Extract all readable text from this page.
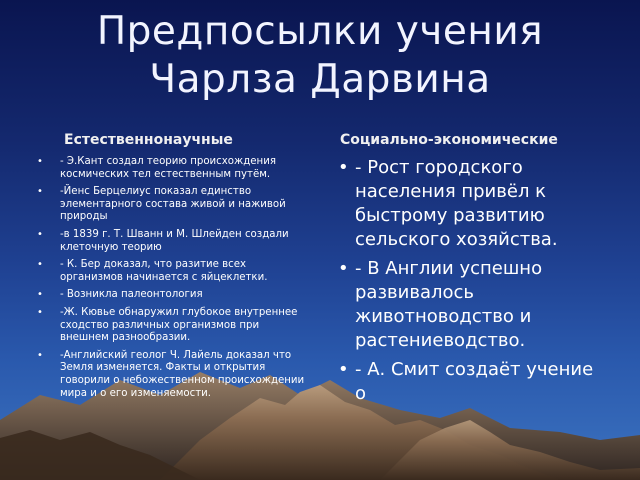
Предпосылки учения
Чарлза Дарвина
Естественнонаучные	Социально-экономические
• - Э.Кант создал теорию происхождения космических тел естественным путём.
• -Йенс Берцелиус показал единство элементарного состава живой и наживой природы
• -в 1839 г. Т. Шванн и М. Шлейден создали клеточную теорию
• - К. Бер доказал, что разитие всех организмов начинается с яйцеклетки.
• - Возникла палеонтология
• -Ж. Кювье обнаружил глубокое внутреннее сходство различных организмов при внешнем разнообразии.
• -Английский геолог Ч. Лайель доказал что Земля изменяется. Факты и открытия говорили о небожественном происхождении мира и о его изменяемости.
• - Рост городского населения привёл к быстрому развитию сельского хозяйства.
• - В Англии успешно развивалось животноводство и растениеводство.
• - А. Смит создаёт учение о
